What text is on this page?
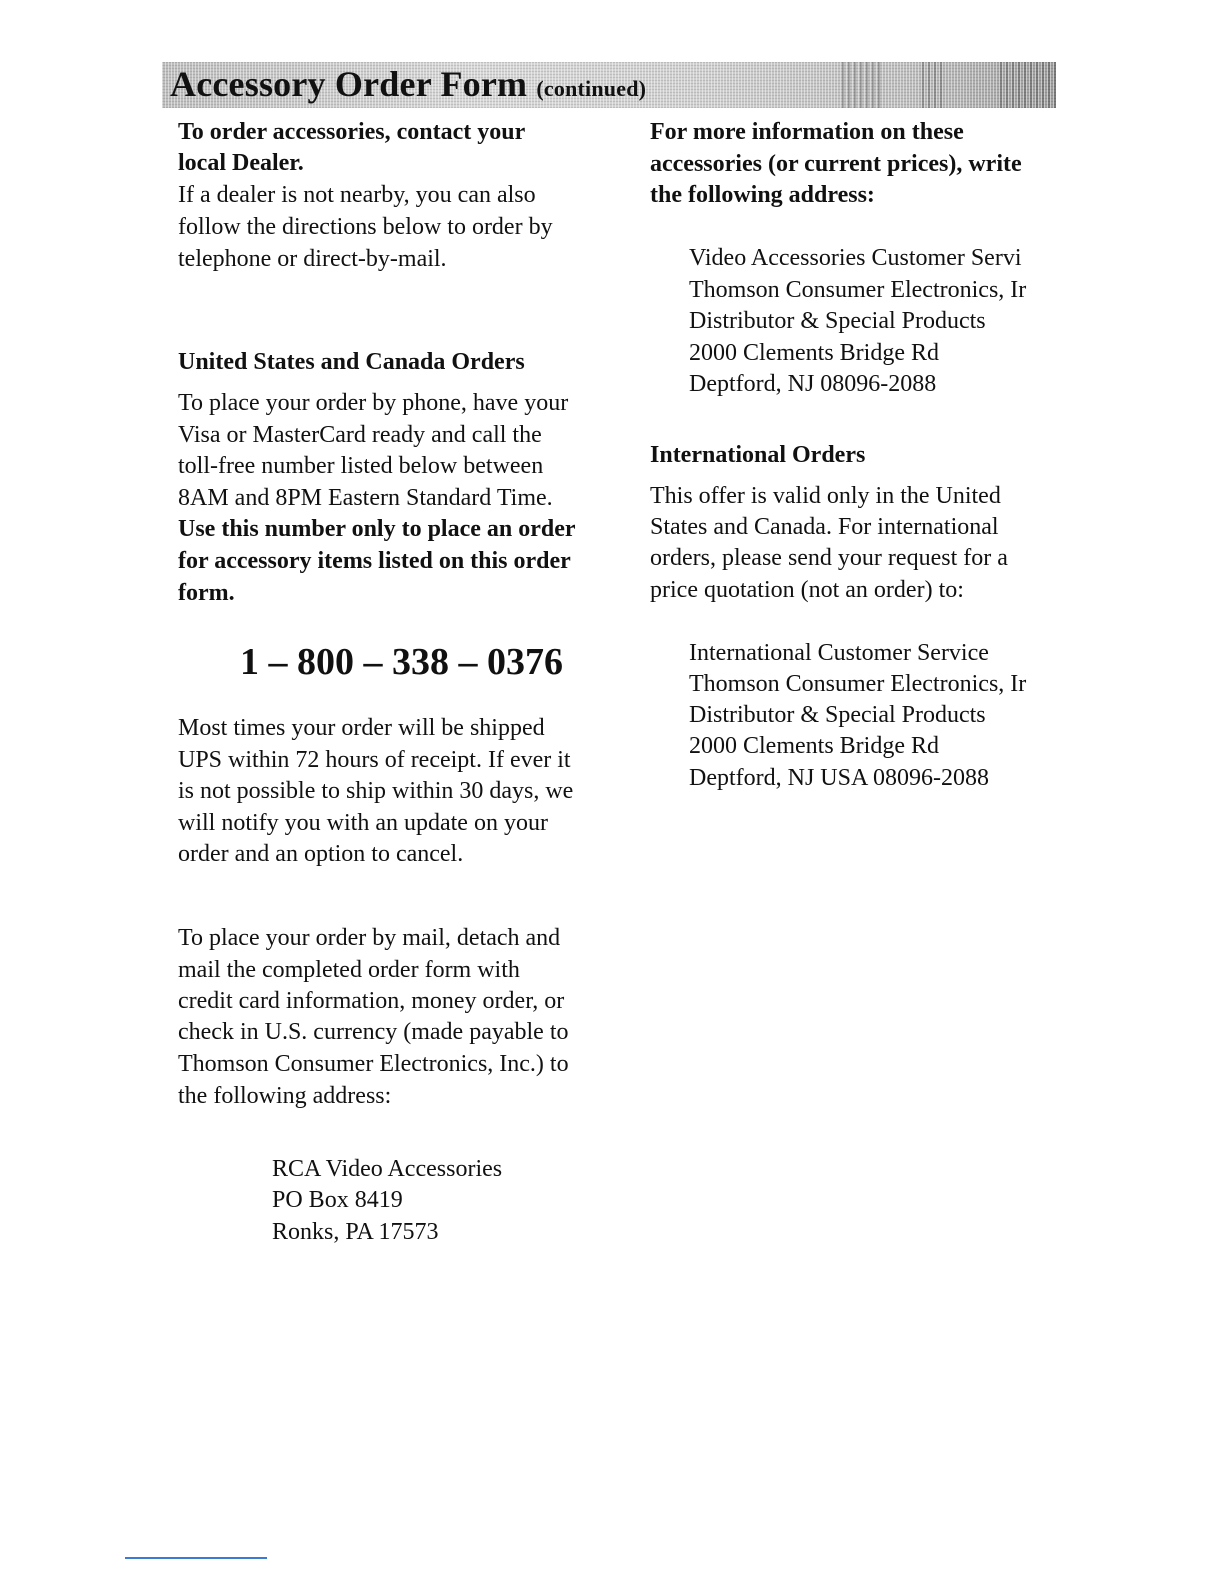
Accessory Order Form (continued)
To order accessories, contact your
local Dealer.
If a dealer is not nearby, you can also
follow the directions below to order by
telephone or direct-by-mail.
United States and Canada Orders
To place your order by phone, have your
Visa or MasterCard ready and call the
toll-free number listed below between
8AM and 8PM Eastern Standard Time.
Use this number only to place an order
for accessory items listed on this order
form.
1 – 800 – 338 – 0376
Most times your order will be shipped
UPS within 72 hours of receipt. If ever it
is not possible to ship within 30 days, we
will notify you with an update on your
order and an option to cancel.
To place your order by mail, detach and
mail the completed order form with
credit card information, money order, or
check in U.S. currency (made payable to
Thomson Consumer Electronics, Inc.) to
the following address:
RCA Video Accessories
PO Box 8419
Ronks, PA 17573
For more information on these
accessories (or current prices), write
the following address:
Video Accessories Customer Servi
Thomson Consumer Electronics, Ir
Distributor & Special Products
2000 Clements Bridge Rd
Deptford, NJ 08096-2088
International Orders
This offer is valid only in the United
States and Canada. For international
orders, please send your request for a
price quotation (not an order) to:
International Customer Service
Thomson Consumer Electronics, Ir
Distributor & Special Products
2000 Clements Bridge Rd
Deptford, NJ USA 08096-2088
